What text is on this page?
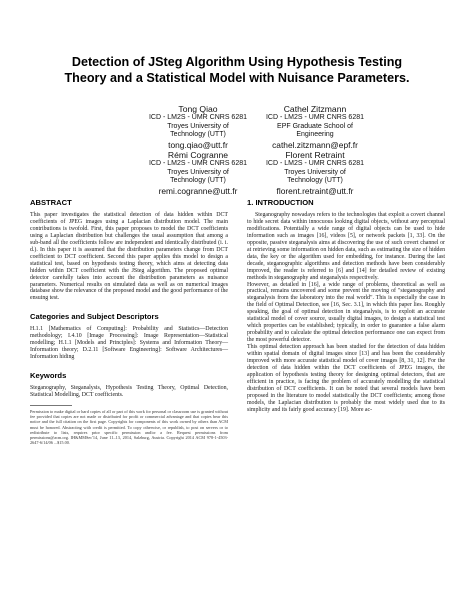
Detection of JSteg Algorithm Using Hypothesis Testing
Theory and a Statistical Model with Nuisance Parameters.
Tong Qiao
ICD - LM2S - UMR CNRS 6281
Troyes University of
Technology (UTT)
tong.qiao@utt.fr
Cathel Zitzmann
ICD - LM2S - UMR CNRS 6281
EPF Graduate School of
Engineering
cathel.zitzmann@epf.fr
Rémi Cogranne
ICD - LM2S - UMR CNRS 6281
Troyes University of
Technology (UTT)
remi.cogranne@utt.fr
Florent Retraint
ICD - LM2S - UMR CNRS 6281
Troyes University of
Technology (UTT)
florent.retraint@utt.fr
ABSTRACT
This paper investigates the statistical detection of data hidden within DCT coefficients of JPEG images using a Laplacian distribution model. The main contributions is twofold. First, this paper proposes to model the DCT coefficients using a Laplacian distribution but challenges the usual assumption that among a sub-band all the coefficients follow are independent and identically distributed (i. i. d.). In this paper it is assumed that the distribution parameters change from DCT coefficient to DCT coefficient. Second this paper applies this model to design a statistical test, based on hypothesis testing theory, which aims at detecting data hidden within DCT coefficient with the JSteg algorithm. The proposed optimal detector carefully takes into account the distribution parameters as nuisance parameters. Numerical results on simulated data as well as on numerical images database show the relevance of the proposed model and the good performance of the ensuing test.
Categories and Subject Descriptors
H.1.1 [Mathematics of Computing]: Probability and Statistics—Detection methodology; I.4.10 [Image Processing]: Image Representation—Statistical modelling; H.1.1 [Models and Principles]: Systems and Information Theory—Information theory; D.2.11 [Software Engineering]: Software Architectures—Information hiding
Keywords
Steganography, Steganalysis, Hypothesis Testing Theory, Optimal Detection, Statistical Modelling, DCT coefficients.
Permission to make digital or hard copies of all or part of this work for personal or classroom use is granted without fee provided that copies are not made or distributed for profit or commercial advantage and that copies bear this notice and the full citation on the first page. Copyrights for components of this work owned by others than ACM must be honored. Abstracting with credit is permitted. To copy otherwise, or republish, to post on servers or to redistribute to lists, requires prior specific permission and/or a fee. Request permissions from permissions@acm.org. IH&MMSec'14, June 11–13, 2014, Salzburg, Austria. Copyright 2014 ACM 978-1-4503-2647-6/14/06 ...$15.00.
1. INTRODUCTION
Steganography nowadays refers to the technologies that exploit a covert channel to hide secret data within innocuous looking digital objects, without any perceptual modifications. Potentially a wide range of digital objects can be used to hide information such as images [16], videos [5], or network packets [1, 33]. On the opposite, passive steganalysis aims at discovering the use of such covert channel or at retrieving some information on hidden data, such as estimating the size of hidden data, the key or the algorithm used for embedding, for instance. During the last decade, steganographic algorithms and detection methods have been considerably improved, the reader is referred to [6] and [14] for detailed review of existing methods in steganography and steganalysis respectively.
However, as detailed in [16], a wide range of problems, theoretical as well as practical, remains uncovered and some prevent the moving of "steganography and steganalysis from the laboratory into the real world". This is especially the case in the field of Optimal Detection, see [16, Sec. 3.1], in which this paper lies. Roughly speaking, the goal of optimal detection in steganalysis, is to exploit an accurate statistical model of cover source, usually digital images, to design a statistical test which properties can be established; typically, in order to guarantee a false alarm probability and to calculate the optimal detection performance one can expect from the most powerful detector.
This optimal detection approach has been studied for the detection of data hidden within spatial domain of digital images since [13] and has been the considerably improved with more accurate statistical model of cover images [8, 31, 12]. For the detection of data hidden within the DCT coefficients of JPEG images, the application of hypothesis testing theory for designing optimal detectors, that are efficient in practice, is facing the problem of accurately modelling the statistical distribution of DCT coefficients. It can be noted that several models have been proposed in the literature to model statistically the DCT coefficients; among those models, the Laplacian distribution is probably the most widely used due to its simplicity and its fairly good accuracy [19]. More ac-
